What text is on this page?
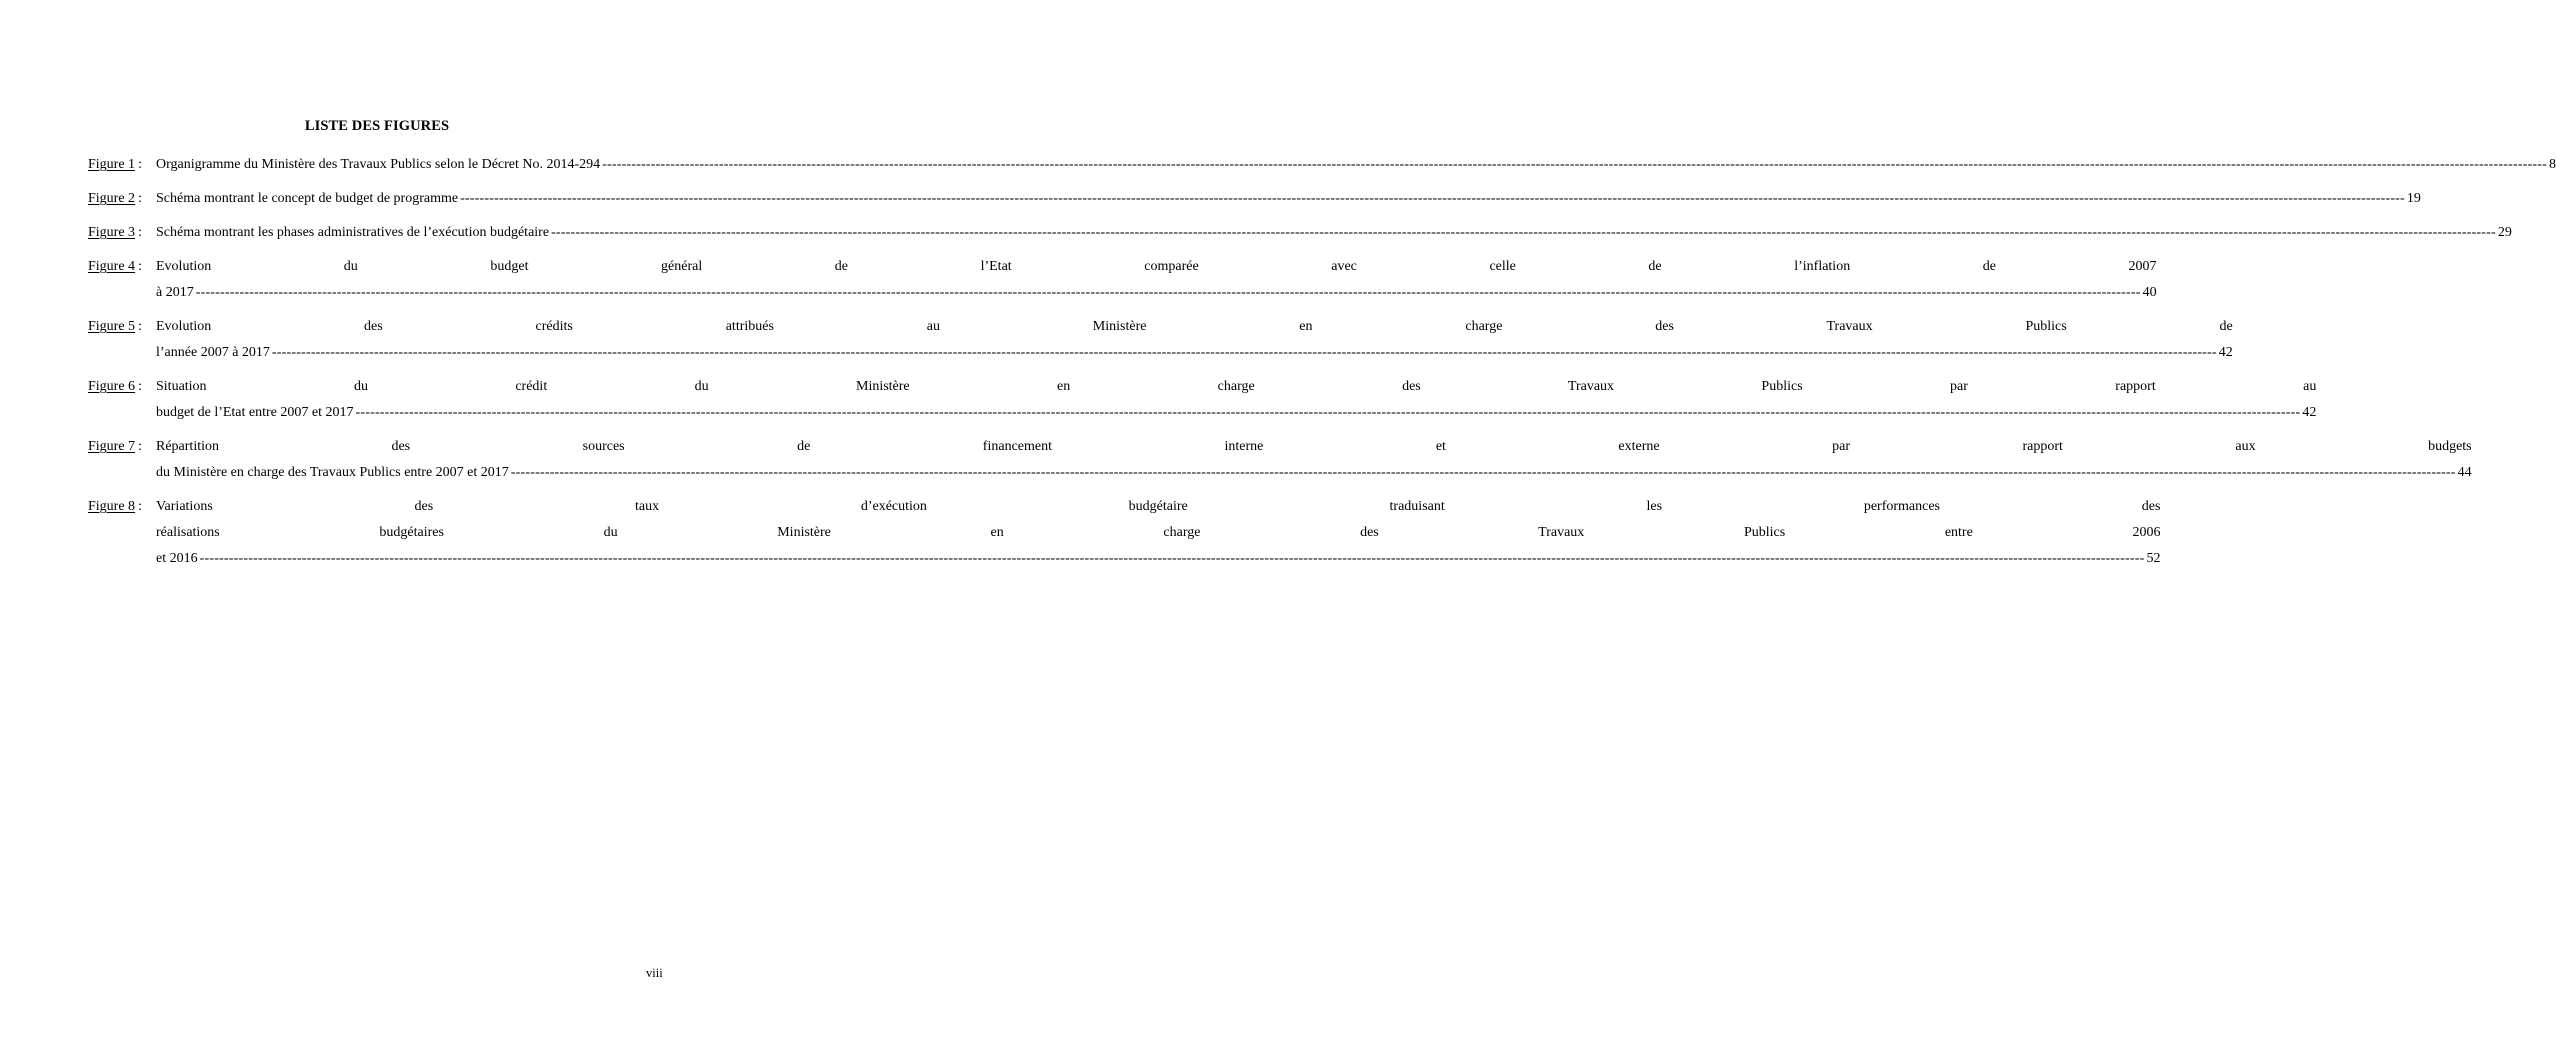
LISTE DES FIGURES
Figure 1 :	Organigramme du Ministère des Travaux Publics selon le Décret No. 2014-294 ---------------------------------------------------------------------------------------------------------------------------------------------------------------------------------------------------------------------------------------------------------------------------------------------------------------------------------------------------------------------------------------------------------------- 8
Figure 2 :	Schéma montrant le concept de budget de programme ---------------------------------------------------------------------------------------------------------------------------------------------------------------------------------------------------------------------------------------------------------------------------------------------------------------------------------------------------------------------------------------------------------------- 19
Figure 3 :	Schéma montrant les phases administratives de l’exécution budgétaire ---------------------------------------------------------------------------------------------------------------------------------------------------------------------------------------------------------------------------------------------------------------------------------------------------------------------------------------------------------------------------------------------------------------- 29
Figure 4 :	Evolution du budget général de l’Etat comparée avec celle de l’inflation de 2007
à 2017 ---------------------------------------------------------------------------------------------------------------------------------------------------------------------------------------------------------------------------------------------------------------------------------------------------------------------------------------------------------------------------------------------------------------- 40
Figure 5 :	Evolution des crédits attribués au Ministère en charge des Travaux Publics de
l’année 2007 à 2017 ---------------------------------------------------------------------------------------------------------------------------------------------------------------------------------------------------------------------------------------------------------------------------------------------------------------------------------------------------------------------------------------------------------------- 42
Figure 6 :	Situation du crédit du Ministère en charge des Travaux Publics par rapport au
budget de l’Etat entre 2007 et 2017 ---------------------------------------------------------------------------------------------------------------------------------------------------------------------------------------------------------------------------------------------------------------------------------------------------------------------------------------------------------------------------------------------------------------- 42
Figure 7 :	Répartition des sources de financement interne et externe par rapport aux budgets
du Ministère en charge des Travaux Publics entre 2007 et 2017 ---------------------------------------------------------------------------------------------------------------------------------------------------------------------------------------------------------------------------------------------------------------------------------------------------------------------------------------------------------------------------------------------------------------- 44
Figure 8 :	Variations des taux d’exécution budgétaire traduisant les performances des
réalisations budgétaires du Ministère en charge des Travaux Publics entre 2006
et 2016 ---------------------------------------------------------------------------------------------------------------------------------------------------------------------------------------------------------------------------------------------------------------------------------------------------------------------------------------------------------------------------------------------------------------- 52
viii
